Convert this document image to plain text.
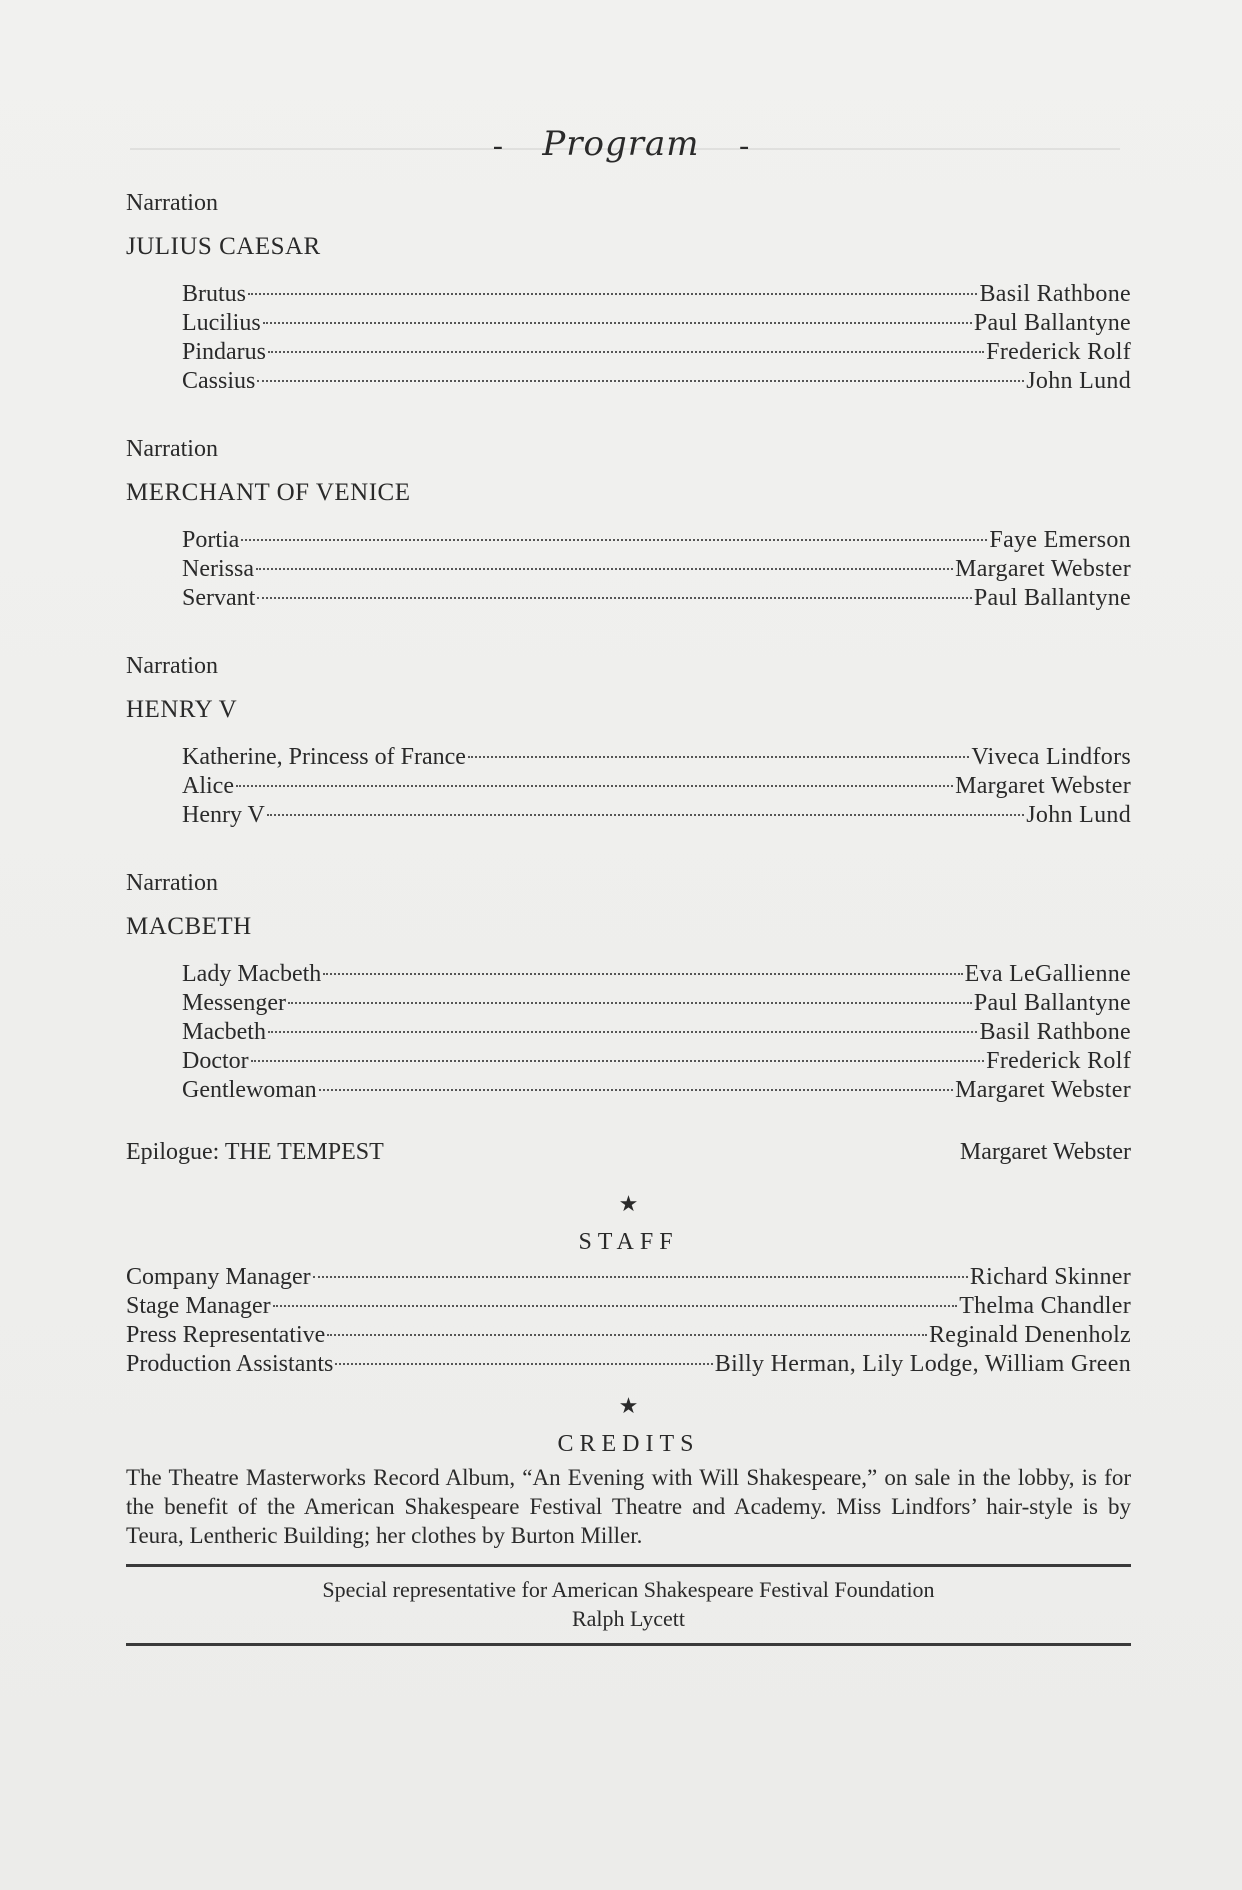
- Program -
Narration
JULIUS CAESAR
Brutus	Basil Rathbone
Lucilius	Paul Ballantyne
Pindarus	Frederick Rolf
Cassius	John Lund
Narration
MERCHANT OF VENICE
Portia	Faye Emerson
Nerissa	Margaret Webster
Servant	Paul Ballantyne
Narration
HENRY V
Katherine, Princess of France	Viveca Lindfors
Alice	Margaret Webster
Henry V	John Lund
Narration
MACBETH
Lady Macbeth	Eva LeGallienne
Messenger	Paul Ballantyne
Macbeth	Basil Rathbone
Doctor	Frederick Rolf
Gentlewoman	Margaret Webster
Epilogue: THE TEMPEST	Margaret Webster
★
STAFF
Company Manager	Richard Skinner
Stage Manager	Thelma Chandler
Press Representative	Reginald Denenholz
Production Assistants	Billy Herman, Lily Lodge, William Green
★
CREDITS
The Theatre Masterworks Record Album, “An Evening with Will Shakespeare,” on sale in the lobby, is for the benefit of the American Shakespeare Festival Theatre and Academy. Miss Lindfors’ hair-style is by Teura, Lentheric Building; her clothes by Burton Miller.
Special representative for American Shakespeare Festival Foundation
Ralph Lycett
